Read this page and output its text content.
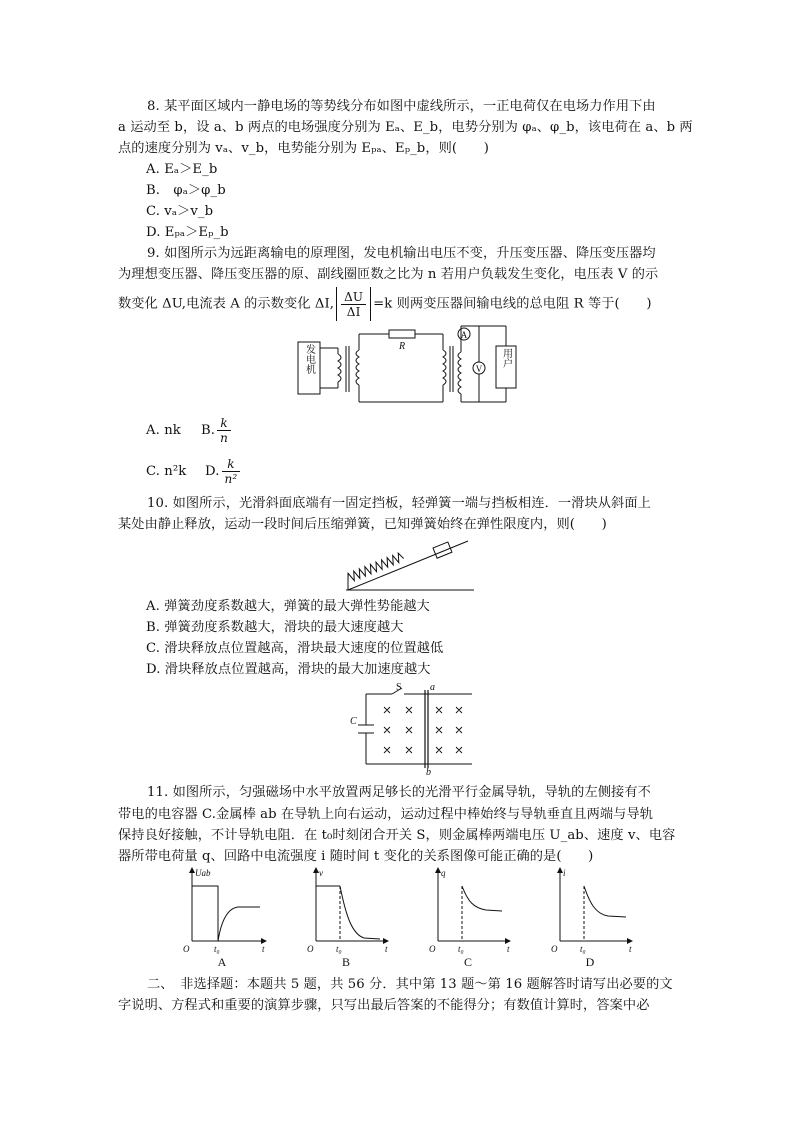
8. 某平面区域内一静电场的等势线分布如图中虚线所示，一正电荷仅在电场力作用下由
a 运动至 b，设 a、b 两点的电场强度分别为 Eₐ、E_b，电势分别为 φₐ、φ_b，该电荷在 a、b 两
点的速度分别为 vₐ、v_b，电势能分别为 Eₚₐ、Eₚ_b，则(　　)
A. Eₐ＞E_b
B.　φₐ＞φ_b
C. vₐ＞v_b
D. Eₚₐ＞Eₚ_b
9. 如图所示为远距离输电的原理图，发电机输出电压不变，升压变压器、降压变压器均
为理想变压器、降压变压器的原、副线圈匝数之比为 n 若用户负载发生变化，电压表 V 的示
数变化 ΔU,电流表 A 的示数变化 ΔI, $\frac{\Delta U}{\Delta I} =k$ 则两变压器间输电线的总电阻 R 等于(　　)
发电机	R
A
V
用户
A. nk B. $\frac{k}{n}$
C. n²k D. $\frac{k}{\text{n²}}$
10. 如图所示，光滑斜面底端有一固定挡板，轻弹簧一端与挡板相连．一滑块从斜面上
某处由静止释放，运动一段时间后压缩弹簧，已知弹簧始终在弹性限度内，则(　　)
A. 弹簧劲度系数越大，弹簧的最大弹性势能越大
B. 弹簧劲度系数越大，滑块的最大速度越大
C. 滑块释放点位置越高，滑块最大速度的位置越低
D. 滑块释放点位置越高，滑块的最大加速度越大
S	a
b
C
11. 如图所示，匀强磁场中水平放置两足够长的光滑平行金属导轨，导轨的左侧接有不
带电的电容器 C.金属棒 ab 在导轨上向右运动，运动过程中棒始终与导轨垂直且两端与导轨
保持良好接触，不计导轨电阻．在 t₀时刻闭合开关 S，则金属棒两端电压 U_ab、速度 v、电容
器所带电荷量 q、回路中电流强度 i 随时间 t 变化的关系图像可能正确的是(　　)
Uab	v	q	i
t	t	t	t
O	O	O	O
t₀	t₀	t₀	t₀
A	B	C	D
二、　非选择题：本题共 5 题，共 56 分．其中第 13 题～第 16 题解答时请写出必要的文
字说明、方程式和重要的演算步骤，只写出最后答案的不能得分；有数值计算时，答案中必
